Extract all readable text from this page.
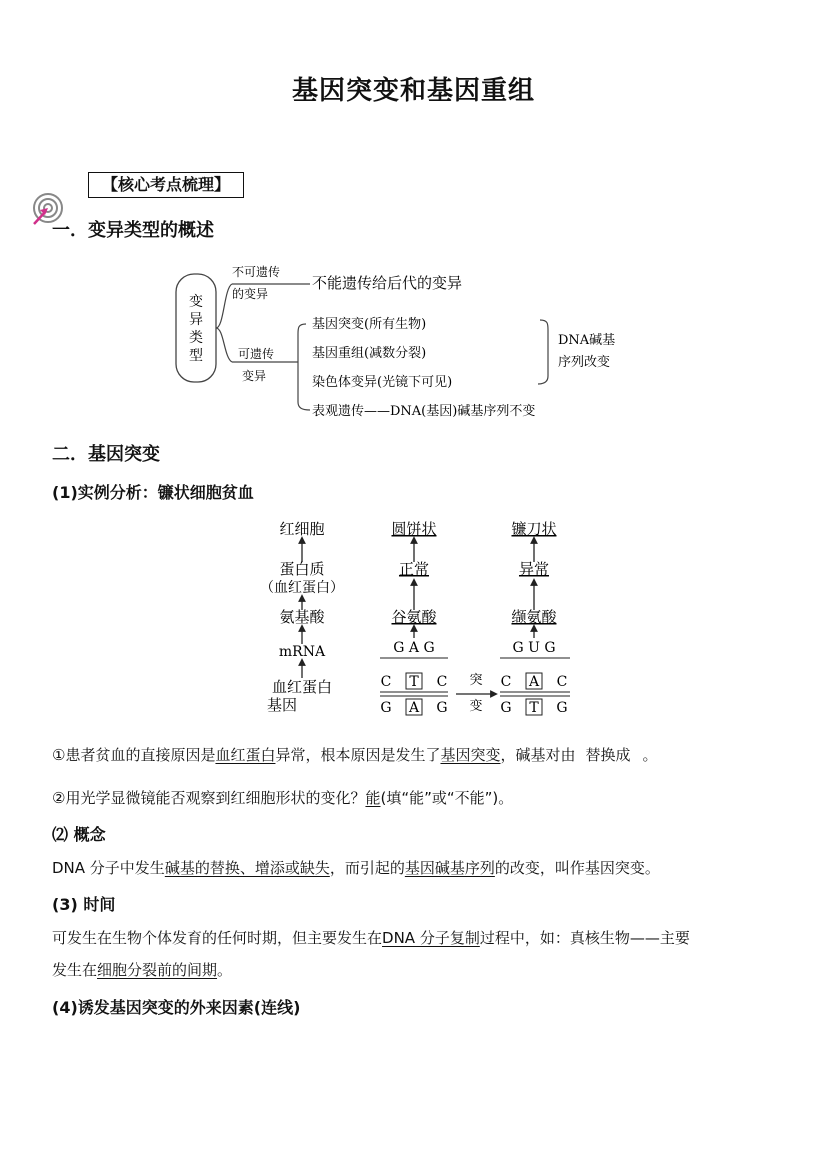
基因突变和基因重组
【核心考点梳理】
一．变异类型的概述
变
异
类
型
不可遗传
的变异
不能遗传给后代的变异
可遗传
变异
基因突变(所有生物)
基因重组(减数分裂)
染色体变异(光镜下可见)
表观遗传——DNA(基因)碱基序列不变
DNA碱基
序列改变
二．基因突变
(1)实例分析：镰状细胞贫血
红细胞
蛋白质
（血红蛋白）
氨基酸
mRNA
血红蛋白
基因
圆饼状
正常
谷氨酸
G A G
C T C
G A G
突
变
镰刀状
异常
缬氨酸
G U G
C A C
G T G
①患者贫血的直接原因是血红蛋白异常，根本原因是发生了基因突变，碱基对由 替换成 。
②用光学显微镜能否观察到红细胞形状的变化？能(填“能”或“不能”)。
⑵ 概念
DNA 分子中发生碱基的替换、增添或缺失，而引起的基因碱基序列的改变，叫作基因突变。
(3) 时间
可发生在生物个体发育的任何时期，但主要发生在DNA 分子复制过程中，如：真核生物——主要
发生在细胞分裂前的间期。
(4)诱发基因突变的外来因素(连线)
